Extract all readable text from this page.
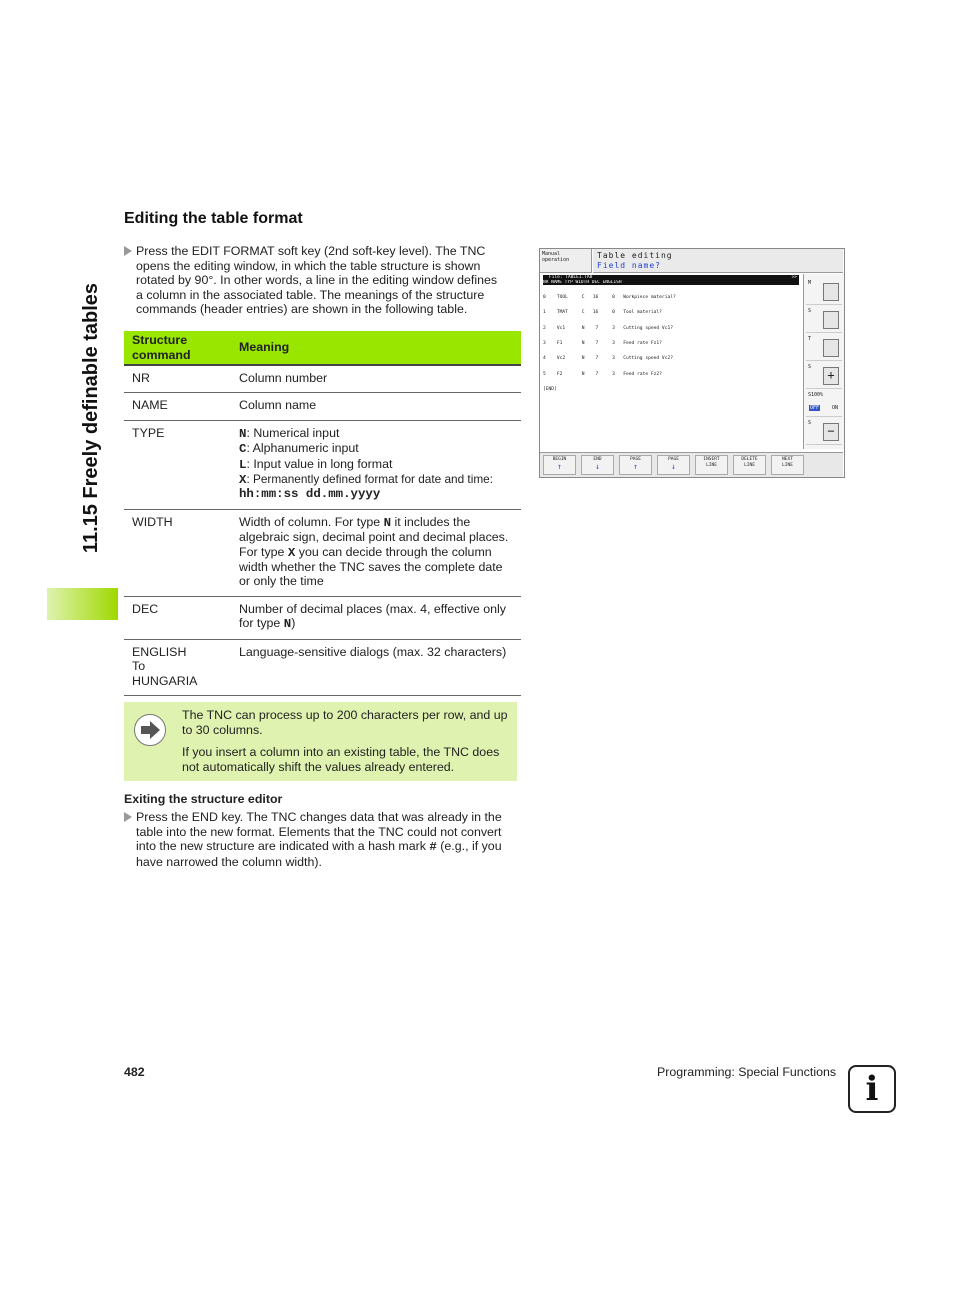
11.15 Freely definable tables
Editing the table format
Press the EDIT FORMAT soft key (2nd soft-key level). The TNC
opens the editing window, in which the table structure is shown
rotated by 90°. In other words, a line in the editing window defines
a column in the associated table. The meanings of the structure
commands (header entries) are shown in the following table.
Structure command	Meaning
NR	Column number
NAME	Column name
TYPE	N: Numerical input
C: Alphanumeric input
L: Input value in long format
X: Permanently defined format for date and time:
hh:mm:ss dd.mm.yyyy

WIDTH	Width of column. For type N it includes the algebraic sign, decimal point and decimal places. For type X you can decide through the column width whether the TNC saves the complete date or only the time
DEC	Number of decimal places (max. 4, effective only for type N)

ENGLISH
To
HUNGARIA	Language-sensitive dialogs (max. 32 characters)
The TNC can process up to 200 characters per row, and up to 30 columns.
If you insert a column into an existing table, the TNC does not automatically shift the values already entered.
Exiting the structure editor
Press the END key. The TNC changes data that was already in the table into the new format. Elements that the TNC could not convert into the new structure are indicated with a hash mark # (e.g., if you have narrowed the column width).
Manual
operation	Table editing
Field name?
File: TABLE1.TAB	>>
NR NAME TYP WIDTH DEC ENGLISH

0    TOOL     C   16     0   Workpiece material?

1    TMAT     C   16     0   Tool material?

2    Vc1      N    7     3   Cutting speed Vc1?

3    F1       N    7     3   Feed rate Fz1?

4    Vc2      N    7     3   Cutting speed Vc2?

5    F2       N    7     3   Feed rate Fz2?

[END]

M
S
T
S
+
S100%
OFF	ON
S
−
BEGIN
↑
END
↓
PAGE
↑
PAGE
↓
INSERT
LINE
DELETE
LINE
NEXT
LINE
482	Programming: Special Functions i
